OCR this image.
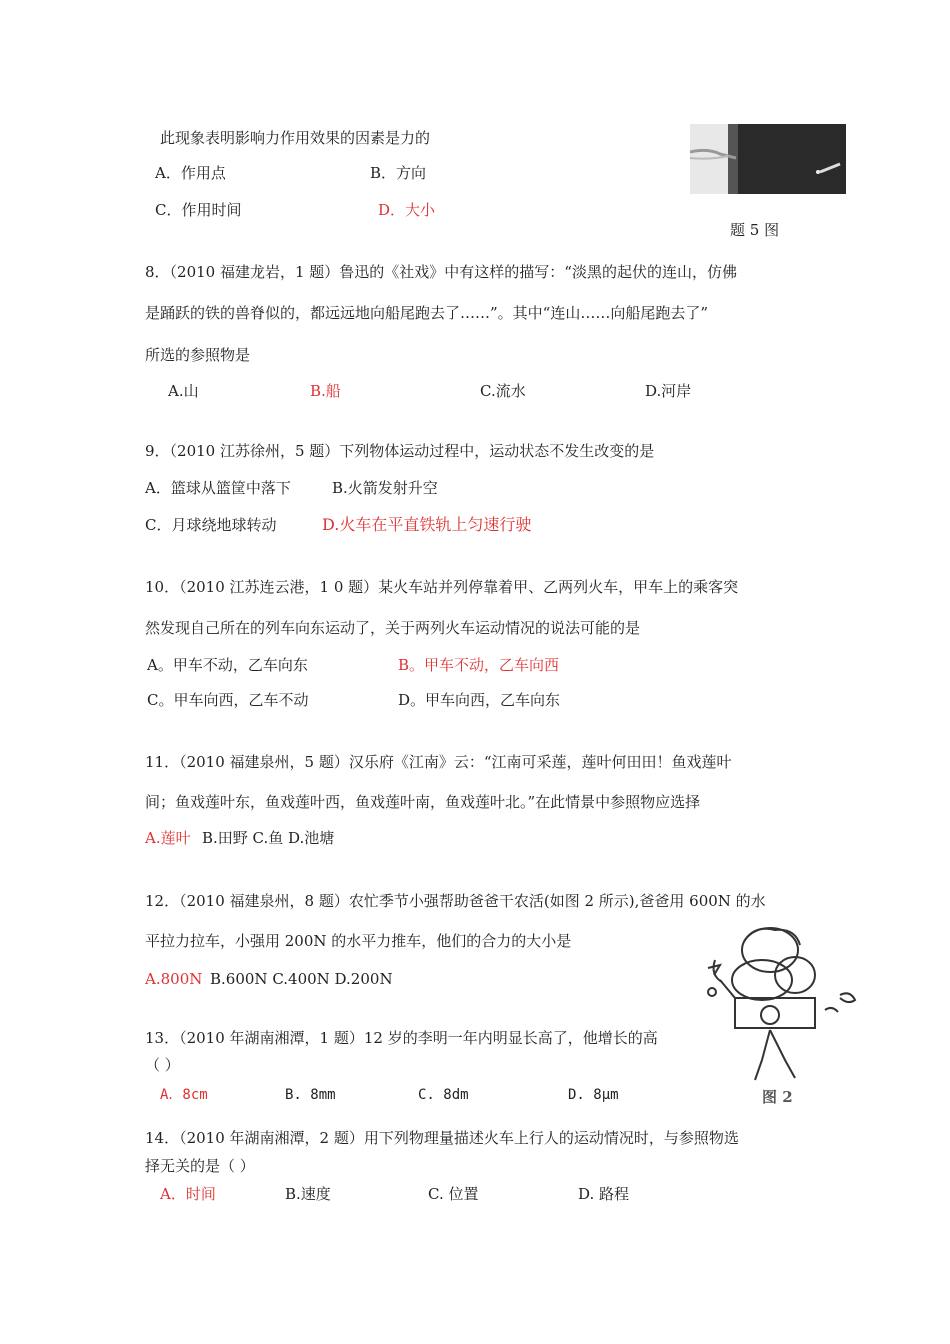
此现象表明影响力作用效果的因素是力的
A．作用点	B．方向
C．作用时间	D．大小
题 5 图
8．（2010 福建龙岩，1 题）鲁迅的《社戏》中有这样的描写：“淡黑的起伏的连山，仿佛
是踊跃的铁的兽脊似的，都远远地向船尾跑去了……”。其中“连山……向船尾跑去了”
所选的参照物是
A.山	B.船	C.流水	D.河岸
9．（2010 江苏徐州，5 题）下列物体运动过程中，运动状态不发生改变的是
A．篮球从篮筐中落下	B.火箭发射升空
C．月球绕地球转动	D.火车在平直铁轨上匀速行驶
10．（2010 江苏连云港，1 0 题）某火车站并列停靠着甲、乙两列火车，甲车上的乘客突
然发现自己所在的列车向东运动了，关于两列火车运动情况的说法可能的是
A。甲车不动，乙车向东	B。甲车不动，乙车向西
C。甲车向西，乙车不动	D。甲车向西，乙车向东
11．（2010 福建泉州，5 题）汉乐府《江南》云：“江南可采莲，莲叶何田田！鱼戏莲叶
间；鱼戏莲叶东，鱼戏莲叶西，鱼戏莲叶南，鱼戏莲叶北。”在此情景中参照物应选择
A.莲叶 B.田野 C.鱼 D.池塘
12．（2010 福建泉州，8 题）农忙季节小强帮助爸爸干农活(如图 2 所示),爸爸用 600N 的水
平拉力拉车，小强用 200N 的水平力推车，他们的合力的大小是
A.800N B.600N C.400N D.200N
图 2
13．（2010 年湖南湘潭，1 题）12 岁的李明一年内明显长高了，他增长的高
（ ）
A．8cm	B. 8mm	C. 8dm	D. 8μm
14．（2010 年湖南湘潭，2 题）用下列物理量描述火车上行人的运动情况时，与参照物选
择无关的是（ ）
A．时间	B.速度	C. 位置	D. 路程
